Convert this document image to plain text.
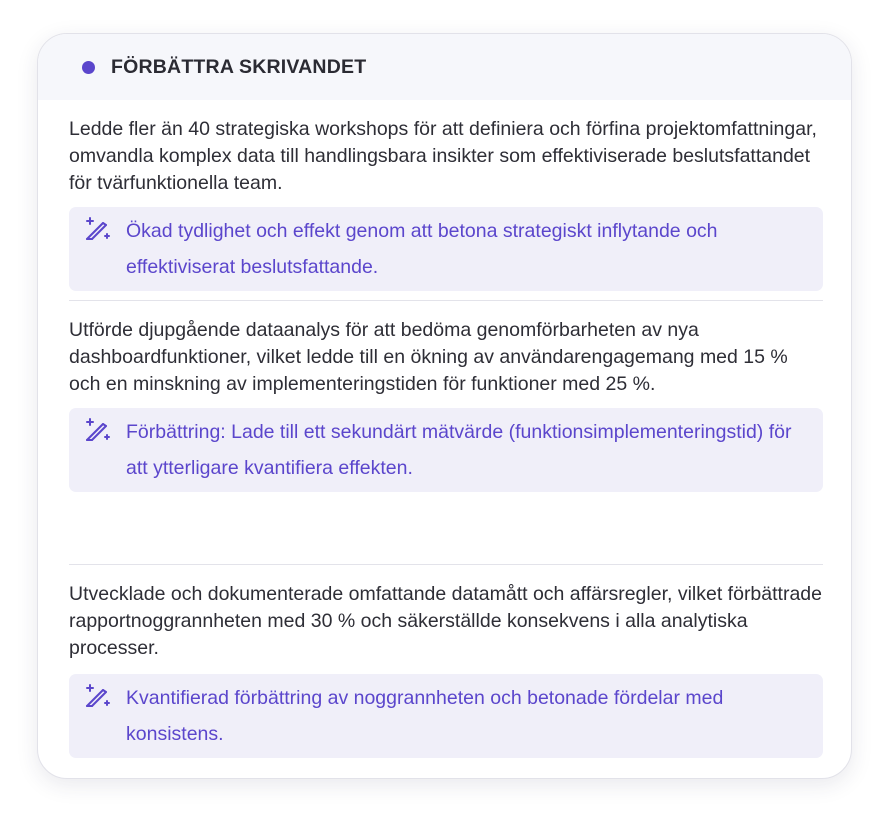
FÖRBÄTTRA SKRIVANDET

Ledde fler än 40 strategiska workshops för att definiera och förfina projektomfattningar, omvandla komplex data till handlingsbara insikter som effektiviserade beslutsfattandet för tvärfunktionella team.

Ökad tydlighet och effekt genom att betona strategiskt inflytande och effektiviserat beslutsfattande.

Utförde djupgående dataanalys för att bedöma genomförbarheten av nya dashboardfunktioner, vilket ledde till en ökning av användarengagemang med 15 % och en minskning av implementeringstiden för funktioner med 25 %.

Förbättring: Lade till ett sekundärt mätvärde (funktionsimplementeringstid) för att ytterligare kvantifiera effekten.

Utvecklade och dokumenterade omfattande datamått och affärsregler, vilket förbättrade rapportnoggrannheten med 30 % och säkerställde konsekvens i alla analytiska processer.

Kvantifierad förbättring av noggrannheten och betonade fördelar med konsistens.
